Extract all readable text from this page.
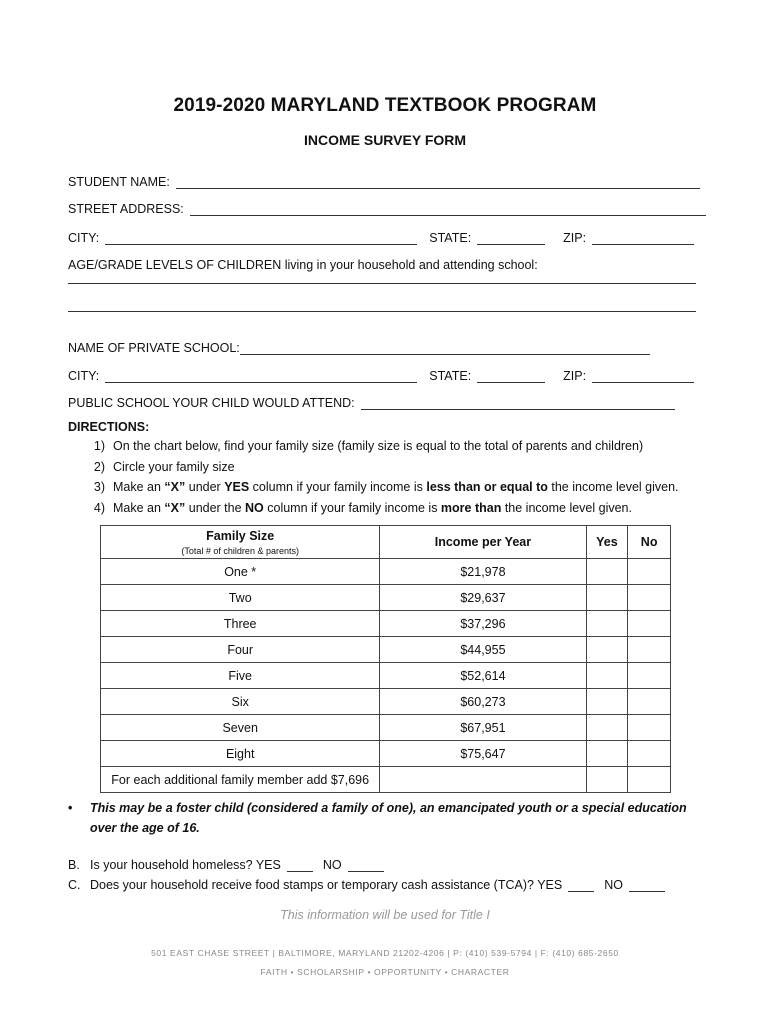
2019-2020 MARYLAND TEXTBOOK PROGRAM
INCOME SURVEY FORM
STUDENT NAME:
STREET ADDRESS:
CITY:	STATE:	ZIP:
AGE/GRADE LEVELS OF CHILDREN living in your household and attending school:
NAME OF PRIVATE SCHOOL:
CITY:	STATE:	ZIP:
PUBLIC SCHOOL YOUR CHILD WOULD ATTEND:
DIRECTIONS:
1) On the chart below, find your family size (family size is equal to the total of parents and children)
2) Circle your family size
3) Make an “X” under YES column if your family income is less than or equal to the income level given.
4) Make an “X” under the NO column if your family income is more than the income level given.
Family Size
(Total # of children & parents)	Income per Year	Yes	No
One *	$21,978		
Two	$29,637		
Three	$37,296		
Four	$44,955		
Five	$52,614		
Six	$60,273		
Seven	$67,951		
Eight	$75,647		
For each additional family member add $7,696			
•	This may be a foster child (considered a family of one), an emancipated youth or a special education over the age of 16.
B. Is your household homeless? YES	NO
C. Does your household receive food stamps or temporary cash assistance (TCA)? YES	NO
This information will be used for Title I
501 EAST CHASE STREET | BALTIMORE, MARYLAND 21202-4206 | P: (410) 539-5794 | F: (410) 685-2650
FAITH • SCHOLARSHIP • OPPORTUNITY • CHARACTER
